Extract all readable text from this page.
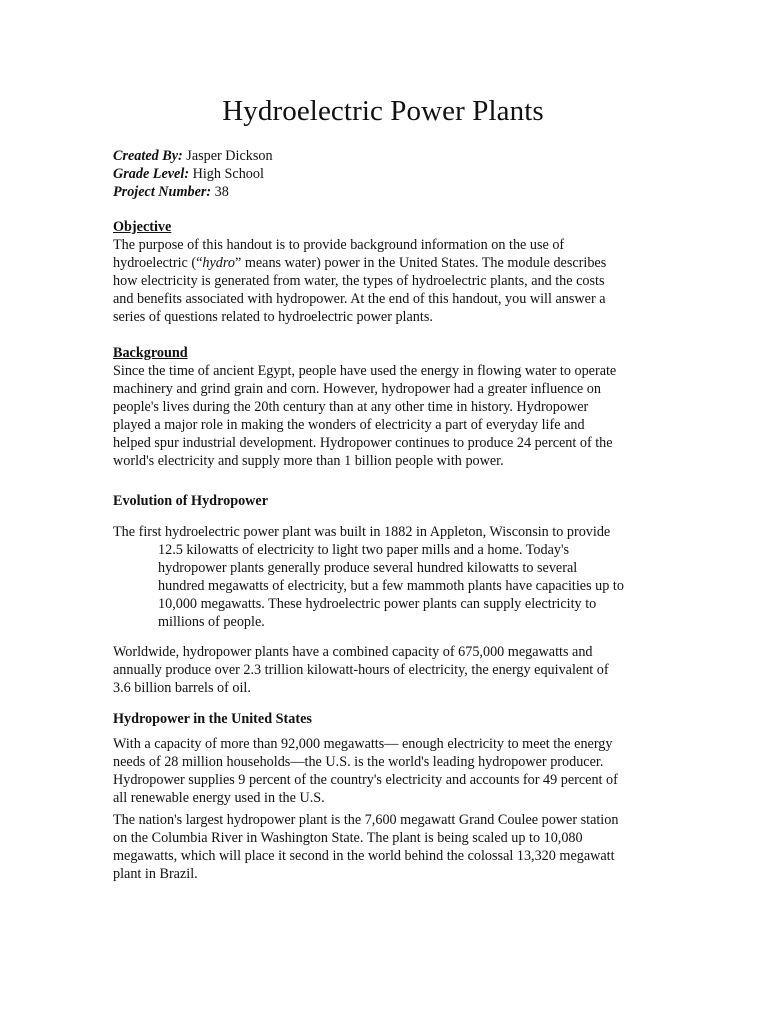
Hydroelectric Power Plants
Created By: Jasper Dickson
Grade Level: High School
Project Number: 38

Objective

The purpose of this handout is to provide background information on the use of
hydroelectric (“hydro” means water) power in the United States. The module describes
how electricity is generated from water, the types of hydroelectric plants, and the costs
and benefits associated with hydropower. At the end of this handout, you will answer a
series of questions related to hydroelectric power plants.

Background

Since the time of ancient Egypt, people have used the energy in flowing water to operate
machinery and grind grain and corn. However, hydropower had a greater influence on
people's lives during the 20th century than at any other time in history. Hydropower
played a major role in making the wonders of electricity a part of everyday life and
helped spur industrial development. Hydropower continues to produce 24 percent of the
world's electricity and supply more than 1 billion people with power.

Evolution of Hydropower

The first hydroelectric power plant was built in 1882 in Appleton, Wisconsin to provide
12.5 kilowatts of electricity to light two paper mills and a home. Today's
hydropower plants generally produce several hundred kilowatts to several
hundred megawatts of electricity, but a few mammoth plants have capacities up to
10,000 megawatts. These hydroelectric power plants can supply electricity to
millions of people.

Worldwide, hydropower plants have a combined capacity of 675,000 megawatts and
annually produce over 2.3 trillion kilowatt-hours of electricity, the energy equivalent of
3.6 billion barrels of oil.

Hydropower in the United States

With a capacity of more than 92,000 megawatts— enough electricity to meet the energy
needs of 28 million households—the U.S. is the world's leading hydropower producer.
Hydropower supplies 9 percent of the country's electricity and accounts for 49 percent of
all renewable energy used in the U.S.

The nation's largest hydropower plant is the 7,600 megawatt Grand Coulee power station
on the Columbia River in Washington State. The plant is being scaled up to 10,080
megawatts, which will place it second in the world behind the colossal 13,320 megawatt
plant in Brazil.
